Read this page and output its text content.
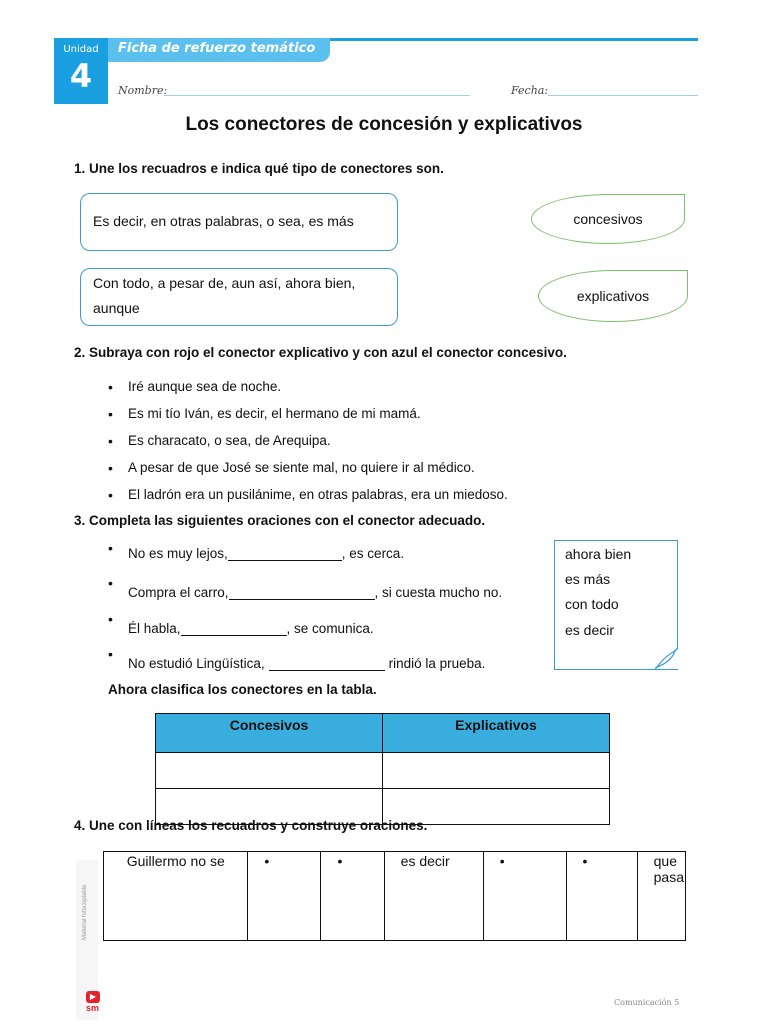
Ficha de refuerzo temático
Unidad
4	Nombre:	Fecha:
Los conectores de concesión y explicativos
1. Une los recuadros e indica qué tipo de conectores son.
Es decir, en otras palabras, o sea, es más
Con todo, a pesar de, aun así, ahora bien, aunque
concesivos
explicativos
2. Subraya con rojo el conector explicativo y con azul el conector concesivo.
• Iré aunque sea de noche.
• Es mi tío Iván, es decir, el hermano de mi mamá.
• Es characato, o sea, de Arequipa.
• A pesar de que José se siente mal, no quiere ir al médico.
• El ladrón era un pusilánime, en otras palabras, era un miedoso.
3. Completa las siguientes oraciones con el conector adecuado.
• No es muy lejos,	, es cerca.
• Compra el carro,	, si cuesta mucho no.
• Él habla,	, se comunica.
• No estudió Lingüística,	rindió la prueba.
ahora bien
es más
con todo
es decir
Ahora clasifica los conectores en la tabla.
Concesivos	Explicativos

4. Une con líneas los recuadros y construye oraciones.
Guillermo no se	•	•	es decir	•	•	que pasa
Material fotocopiable
▶
sm
Comunicación 5
